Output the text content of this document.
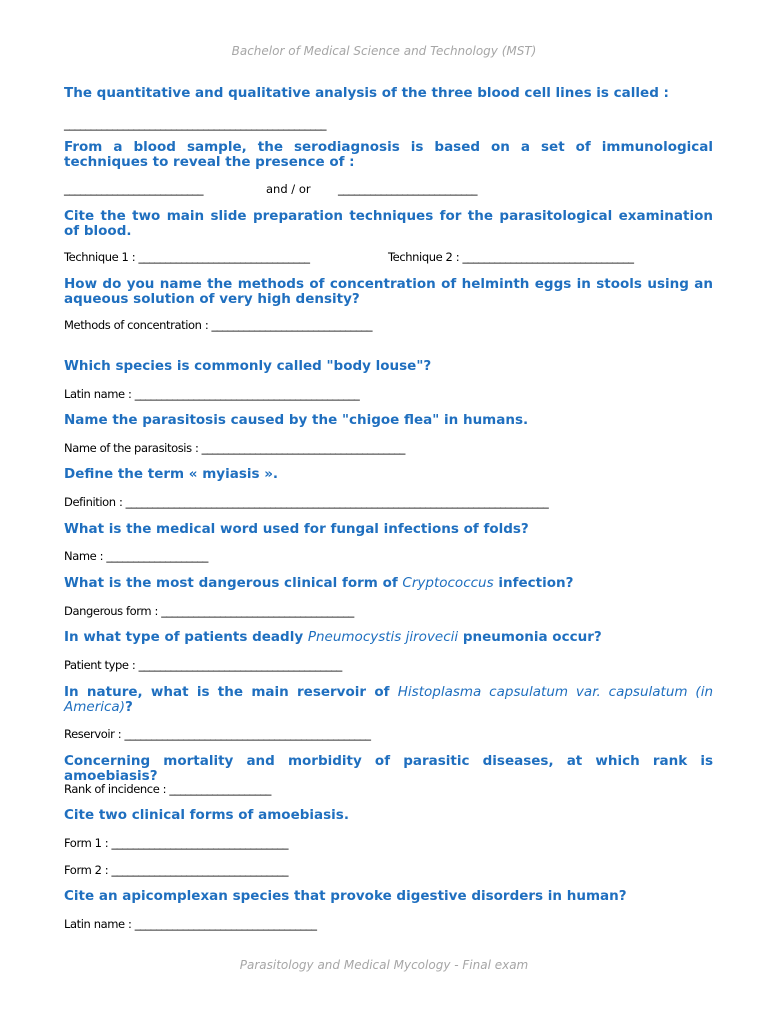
Bachelor of Medical Science and Technology (MST)
The quantitative and qualitative analysis of the three blood cell lines is called :
_________________________________________________
From a blood sample, the serodiagnosis is based on a set of immunological techniques to reveal the presence of :
__________________________	and / or __________________________
Cite the two main slide preparation techniques for the parasitological examination of blood.
Technique 1 : ________________________________	Technique 2 : ________________________________
How do you name the methods of concentration of helminth eggs in stools using an aqueous solution of very high density?
Methods of concentration : ______________________________
Which species is commonly called "body louse"?
Latin name : __________________________________________
Name the parasitosis caused by the "chigoe flea" in humans.
Name of the parasitosis : ______________________________________
Define the term « myiasis ».
Definition : _______________________________________________________________________________
What is the medical word used for fungal infections of folds?
Name : ___________________
What is the most dangerous clinical form of Cryptococcus infection?
Dangerous form : ____________________________________
In what type of patients deadly Pneumocystis jirovecii pneumonia occur?
Patient type : ______________________________________
In nature, what is the main reservoir of Histoplasma capsulatum var. capsulatum (in America)?
Reservoir : ______________________________________________
Concerning mortality and morbidity of parasitic diseases, at which rank is amoebiasis?
Rank of incidence : ___________________
Cite two clinical forms of amoebiasis.
Form 1 : _________________________________
Form 2 : _________________________________
Cite an apicomplexan species that provoke digestive disorders in human?
Latin name : __________________________________
Parasitology and Medical Mycology - Final exam
